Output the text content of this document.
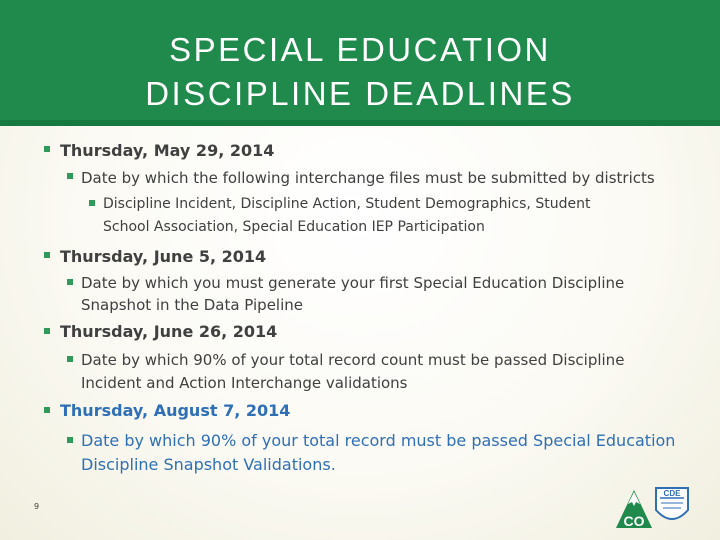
SPECIAL EDUCATION
DISCIPLINE DEADLINES
Thursday, May 29, 2014
Date by which the following interchange files must be submitted by districts
Discipline Incident, Discipline Action, Student Demographics, Student
School Association, Special Education IEP Participation
Thursday, June 5, 2014
Date by which you must generate your first Special Education Discipline
Snapshot in the Data Pipeline
Thursday, June 26, 2014
Date by which 90% of your total record count must be passed Discipline
Incident and Action Interchange validations
Thursday, August 7, 2014
Date by which 90% of your total record must be passed Special Education
Discipline Snapshot Validations.
9
CDE
CO
